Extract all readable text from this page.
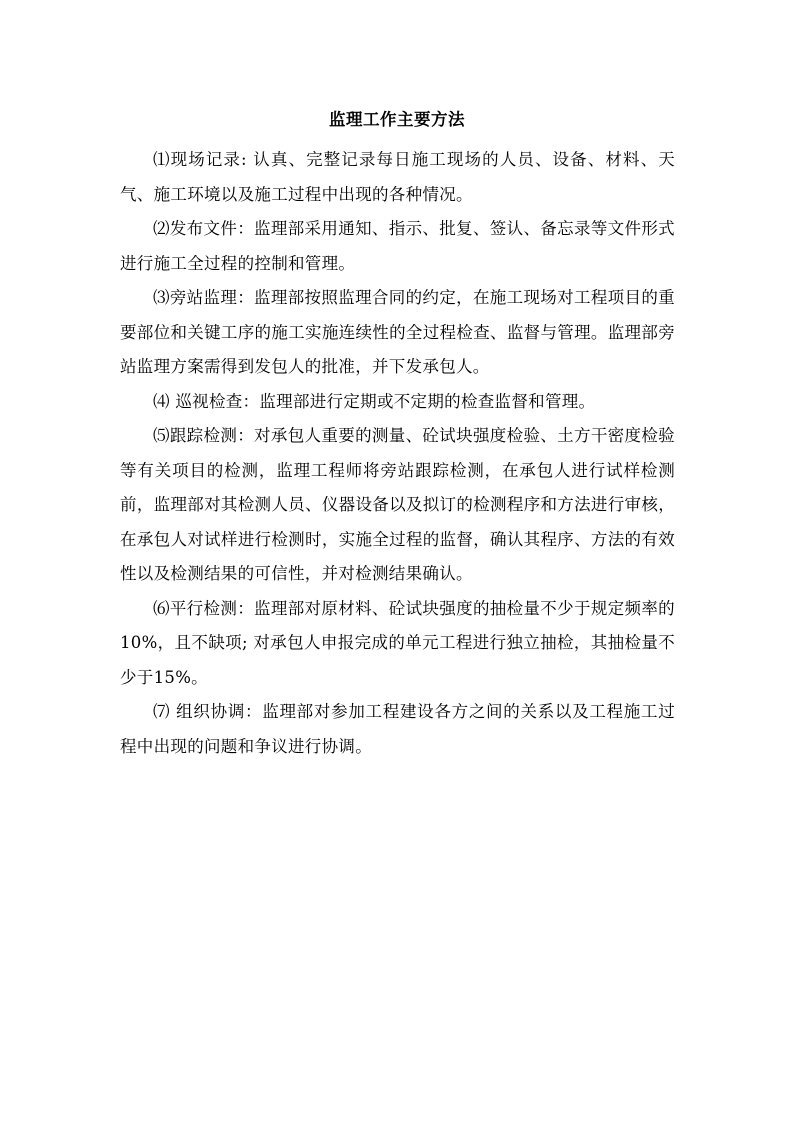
监理工作主要方法

⑴现场记录: 认真、完整记录每日施工现场的人员、设备、材料、天气、施工环境以及施工过程中出现的各种情况。

⑵发布文件：监理部采用通知、指示、批复、签认、备忘录等文件形式进行施工全过程的控制和管理。

⑶旁站监理：监理部按照监理合同的约定，在施工现场对工程项目的重要部位和关键工序的施工实施连续性的全过程检查、监督与管理。监理部旁站监理方案需得到发包人的批准，并下发承包人。

⑷ 巡视检查：监理部进行定期或不定期的检查监督和管理。

⑸跟踪检测：对承包人重要的测量、砼试块强度检验、土方干密度检验等有关项目的检测，监理工程师将旁站跟踪检测，在承包人进行试样检测前，监理部对其检测人员、仪器设备以及拟订的检测程序和方法进行审核，在承包人对试样进行检测时，实施全过程的监督，确认其程序、方法的有效性以及检测结果的可信性，并对检测结果确认。

⑹平行检测：监理部对原材料、砼试块强度的抽检量不少于规定频率的10%，且不缺项; 对承包人申报完成的单元工程进行独立抽检，其抽检量不少于15%。

⑺ 组织协调：监理部对参加工程建设各方之间的关系以及工程施工过程中出现的问题和争议进行协调。
